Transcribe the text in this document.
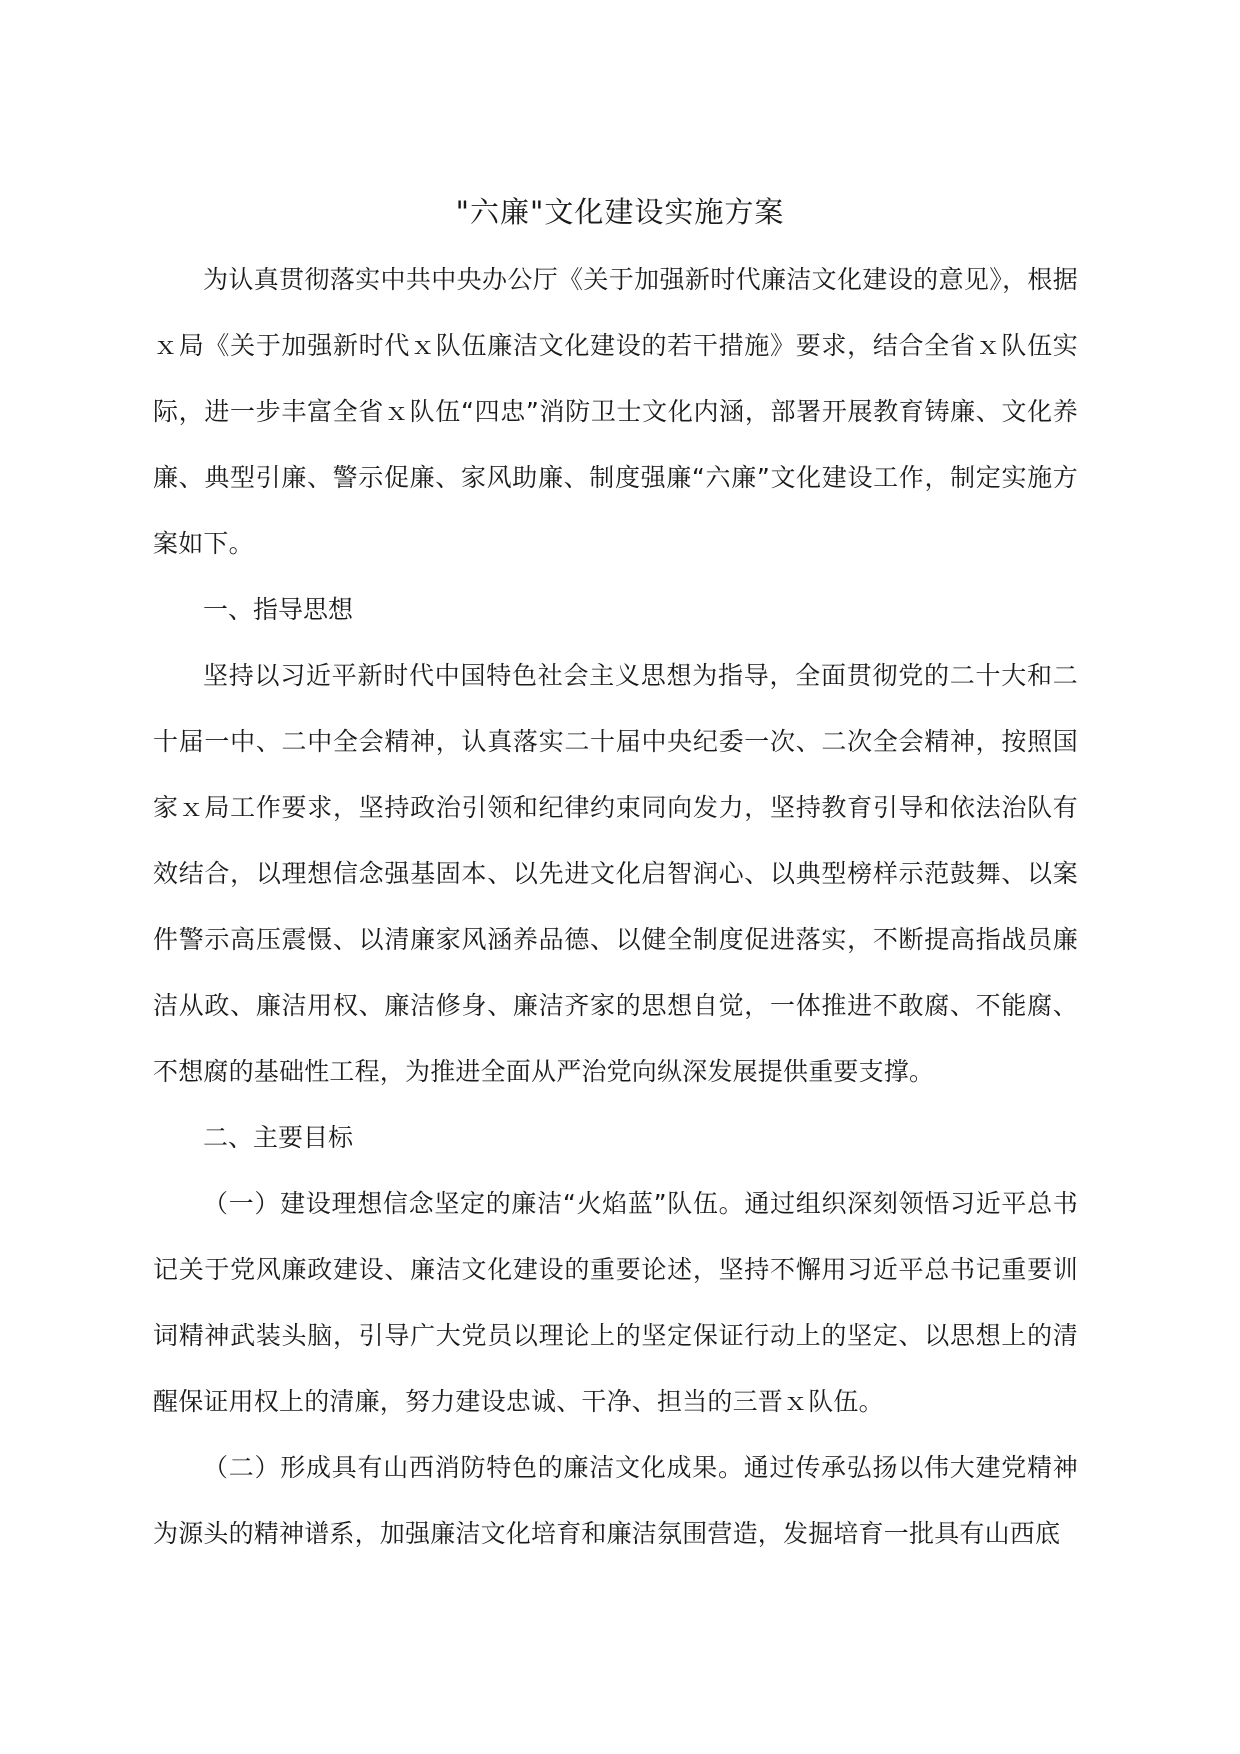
"六廉"文化建设实施方案

为认真贯彻落实中共中央办公厅《关于加强新时代廉洁文化建设的意见》，根据ｘ局《关于加强新时代ｘ队伍廉洁文化建设的若干措施》要求，结合全省ｘ队伍实际，进一步丰富全省ｘ队伍“四忠”消防卫士文化内涵，部署开展教育铸廉、文化养廉、典型引廉、警示促廉、家风助廉、制度强廉“六廉”文化建设工作，制定实施方案如下。

一、指导思想

坚持以习近平新时代中国特色社会主义思想为指导，全面贯彻党的二十大和二十届一中、二中全会精神，认真落实二十届中央纪委一次、二次全会精神，按照国家ｘ局工作要求，坚持政治引领和纪律约束同向发力，坚持教育引导和依法治队有效结合，以理想信念强基固本、以先进文化启智润心、以典型榜样示范鼓舞、以案件警示高压震慑、以清廉家风涵养品德、以健全制度促进落实，不断提高指战员廉洁从政、廉洁用权、廉洁修身、廉洁齐家的思想自觉，一体推进不敢腐、不能腐、不想腐的基础性工程，为推进全面从严治党向纵深发展提供重要支撑。

二、主要目标

（一）建设理想信念坚定的廉洁“火焰蓝”队伍。通过组织深刻领悟习近平总书记关于党风廉政建设、廉洁文化建设的重要论述，坚持不懈用习近平总书记重要训词精神武装头脑，引导广大党员以理论上的坚定保证行动上的坚定、以思想上的清醒保证用权上的清廉，努力建设忠诚、干净、担当的三晋ｘ队伍。

（二）形成具有山西消防特色的廉洁文化成果。通过传承弘扬以伟大建党精神为源头的精神谱系，加强廉洁文化培育和廉洁氛围营造，发掘培育一批具有山西底
